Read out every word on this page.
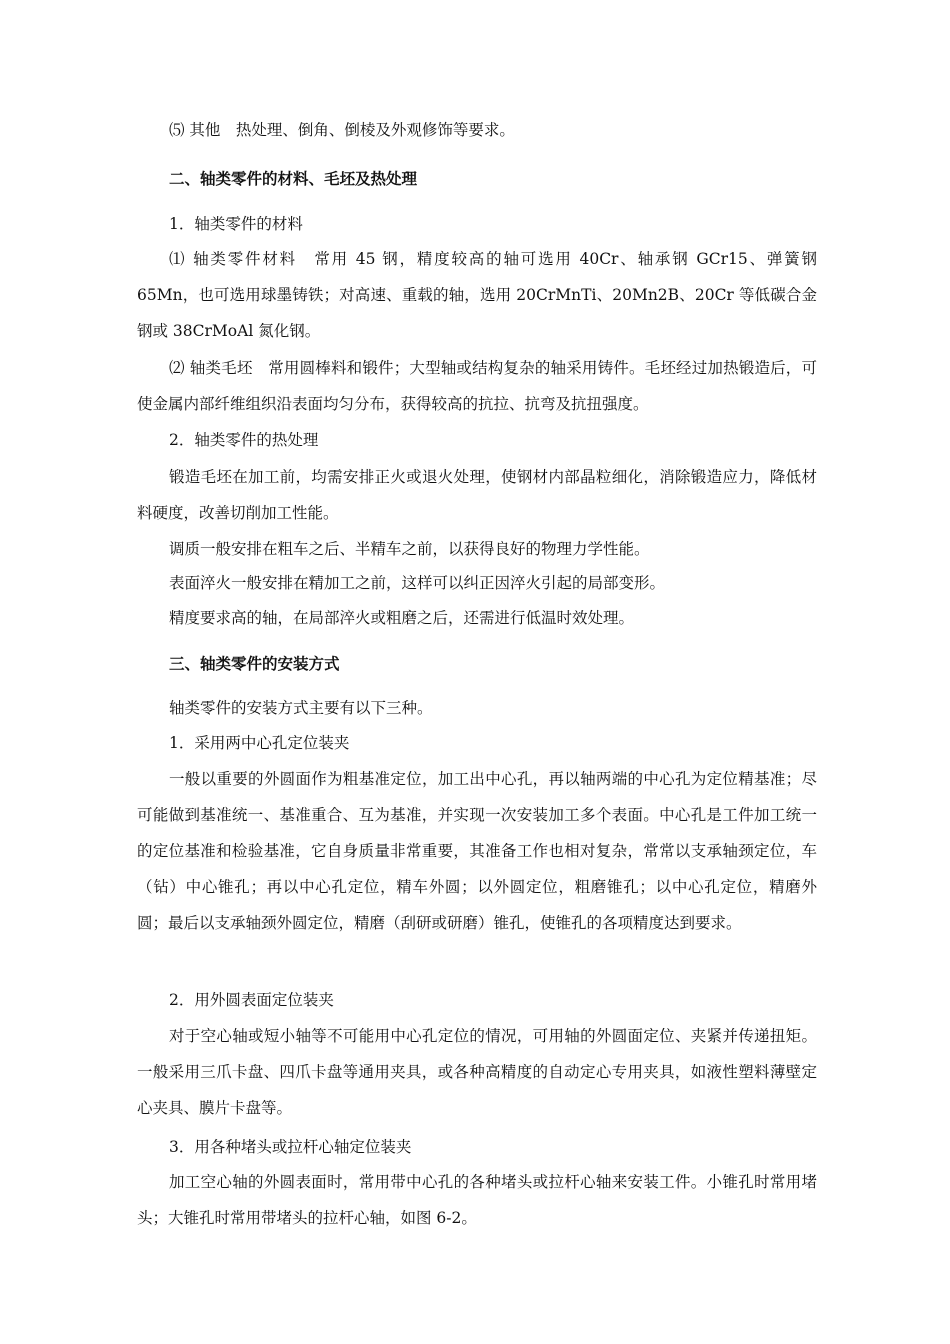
⑸ 其他　热处理、倒角、倒棱及外观修饰等要求。

二、轴类零件的材料、毛坯及热处理

1．轴类零件的材料

⑴ 轴类零件材料　常用 45 钢，精度较高的轴可选用 40Cr、轴承钢 GCr15、弹簧钢 65Mn，也可选用球墨铸铁；对高速、重载的轴，选用 20CrMnTi、20Mn2B、20Cr 等低碳合金钢或 38CrMoAl 氮化钢。

⑵ 轴类毛坯　常用圆棒料和锻件；大型轴或结构复杂的轴采用铸件。毛坯经过加热锻造后，可使金属内部纤维组织沿表面均匀分布，获得较高的抗拉、抗弯及抗扭强度。

2．轴类零件的热处理

锻造毛坯在加工前，均需安排正火或退火处理，使钢材内部晶粒细化，消除锻造应力，降低材料硬度，改善切削加工性能。

调质一般安排在粗车之后、半精车之前，以获得良好的物理力学性能。

表面淬火一般安排在精加工之前，这样可以纠正因淬火引起的局部变形。

精度要求高的轴，在局部淬火或粗磨之后，还需进行低温时效处理。

三、轴类零件的安装方式

轴类零件的安装方式主要有以下三种。

1．采用两中心孔定位装夹

一般以重要的外圆面作为粗基准定位，加工出中心孔，再以轴两端的中心孔为定位精基准；尽可能做到基准统一、基准重合、互为基准，并实现一次安装加工多个表面。中心孔是工件加工统一的定位基准和检验基准，它自身质量非常重要，其准备工作也相对复杂，常常以支承轴颈定位，车（钻）中心锥孔；再以中心孔定位，精车外圆；以外圆定位，粗磨锥孔；以中心孔定位，精磨外圆；最后以支承轴颈外圆定位，精磨（刮研或研磨）锥孔，使锥孔的各项精度达到要求。

2．用外圆表面定位装夹

对于空心轴或短小轴等不可能用中心孔定位的情况，可用轴的外圆面定位、夹紧并传递扭矩。一般采用三爪卡盘、四爪卡盘等通用夹具，或各种高精度的自动定心专用夹具，如液性塑料薄壁定心夹具、膜片卡盘等。

3．用各种堵头或拉杆心轴定位装夹

加工空心轴的外圆表面时，常用带中心孔的各种堵头或拉杆心轴来安装工件。小锥孔时常用堵头；大锥孔时常用带堵头的拉杆心轴，如图 6-2。
